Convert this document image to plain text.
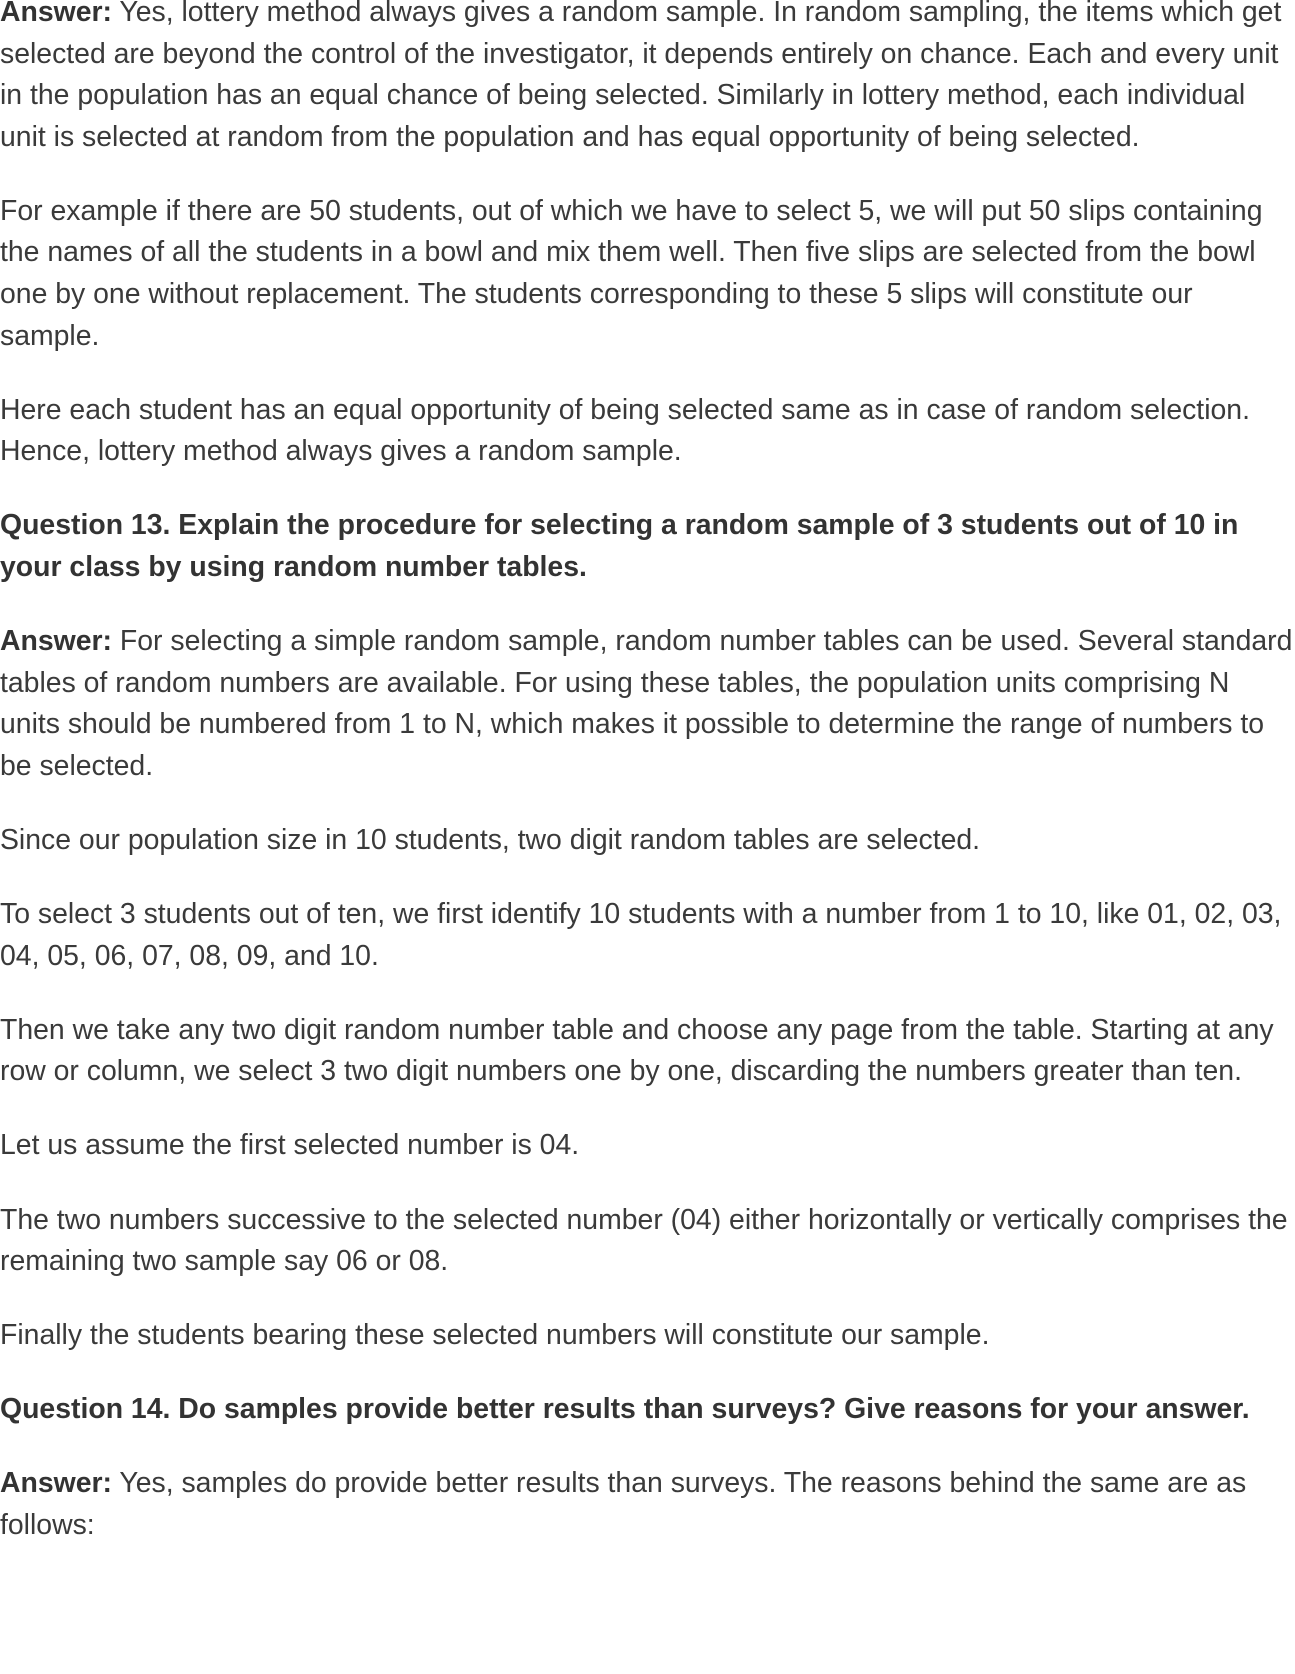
Answer: Yes, lottery method always gives a random sample. In random sampling, the items which get selected are beyond the control of the investigator, it depends entirely on chance. Each and every unit in the population has an equal chance of being selected. Similarly in lottery method, each individual unit is selected at random from the population and has equal opportunity of being selected.

For example if there are 50 students, out of which we have to select 5, we will put 50 slips containing the names of all the students in a bowl and mix them well. Then five slips are selected from the bowl one by one without replacement. The students corresponding to these 5 slips will constitute our sample.

Here each student has an equal opportunity of being selected same as in case of random selection. Hence, lottery method always gives a random sample.

Question 13. Explain the procedure for selecting a random sample of 3 students out of 10 in your class by using random number tables.

Answer: For selecting a simple random sample, random number tables can be used. Several standard tables of random numbers are available. For using these tables, the population units comprising N units should be numbered from 1 to N, which makes it possible to determine the range of numbers to be selected.

Since our population size in 10 students, two digit random tables are selected.

To select 3 students out of ten, we first identify 10 students with a number from 1 to 10, like 01, 02, 03, 04, 05, 06, 07, 08, 09, and 10.

Then we take any two digit random number table and choose any page from the table. Starting at any row or column, we select 3 two digit numbers one by one, discarding the numbers greater than ten.

Let us assume the first selected number is 04.

The two numbers successive to the selected number (04) either horizontally or vertically comprises the remaining two sample say 06 or 08.

Finally the students bearing these selected numbers will constitute our sample.

Question 14. Do samples provide better results than surveys? Give reasons for your answer.

Answer: Yes, samples do provide better results than surveys. The reasons behind the same are as follows:
